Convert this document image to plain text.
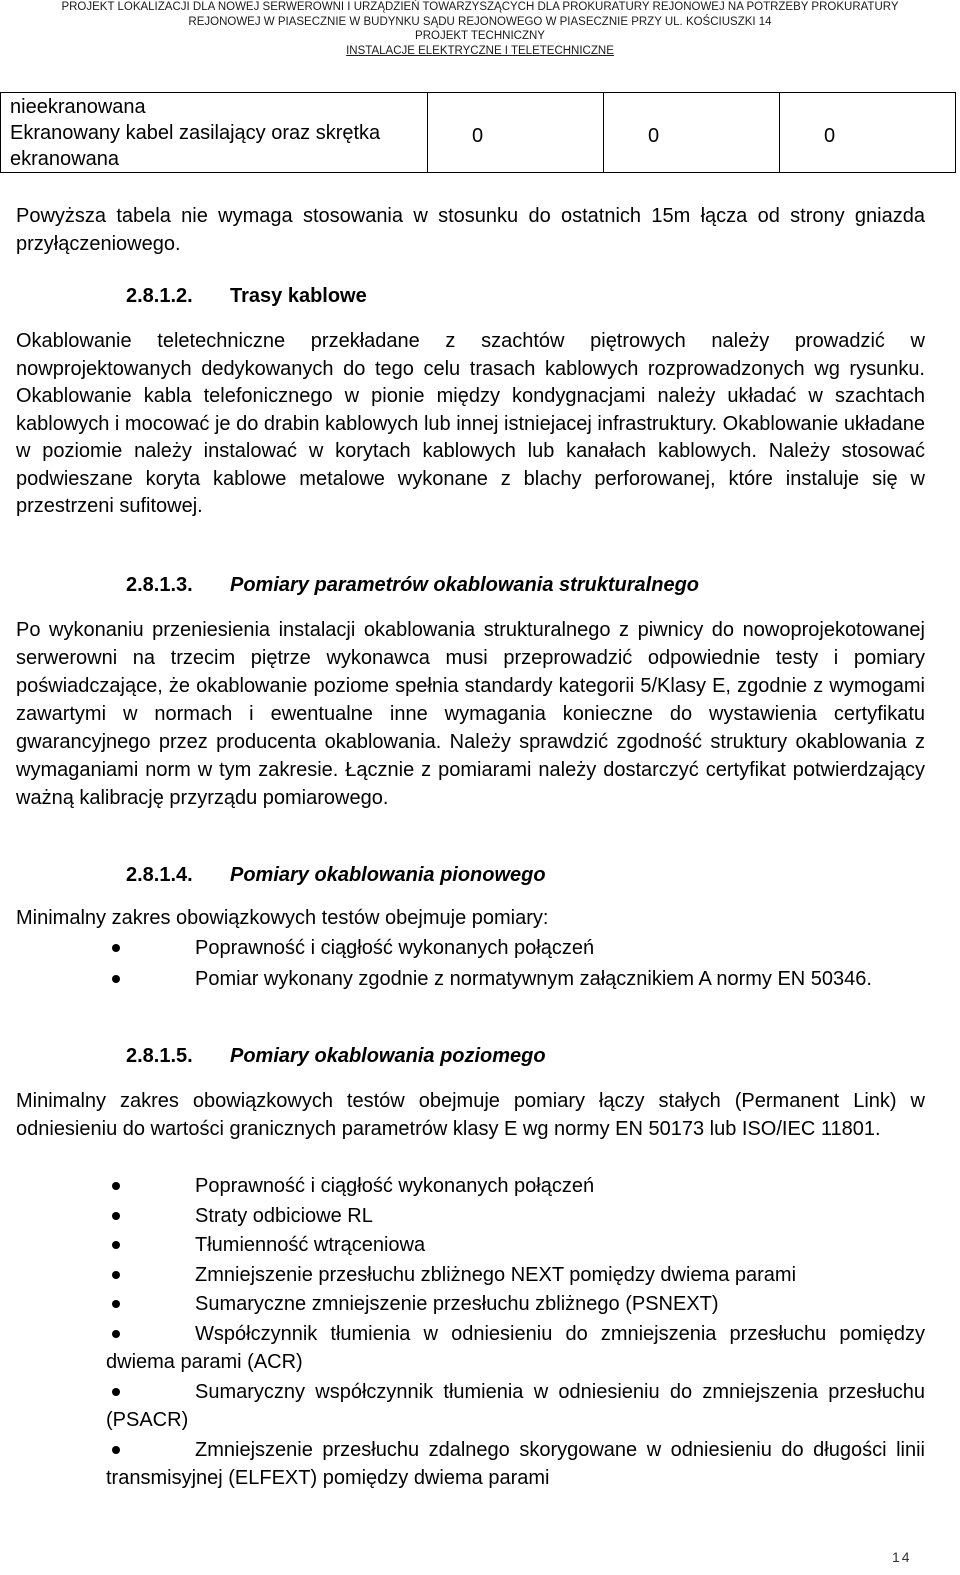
PROJEKT LOKALIZACJI DLA NOWEJ SERWEROWNI I URZĄDZIEŃ TOWARZYSZĄCYCH DLA PROKURATURY REJONOWEJ NA POTRZEBY PROKURATURY
REJONOWEJ W PIASECZNIE W BUDYNKU SĄDU REJONOWEGO W PIASECZNIE PRZY UL. KOŚCIUSZKI 14
PROJEKT TECHNICZNY
INSTALACJE ELEKTRYCZNE I TELETECHNICZNE
nieekranowana
Ekranowany kabel zasilający oraz skrętka
ekranowana
	0	0	0

Powyższa tabela nie wymaga stosowania w stosunku do ostatnich 15m łącza od strony gniazda przyłączeniowego.

2.8.1.2. Trasy kablowe

Okablowanie teletechniczne przekładane z szachtów piętrowych należy prowadzić w nowprojektowanych dedykowanych do tego celu trasach kablowych rozprowadzonych wg rysunku. Okablowanie kabla telefonicznego w pionie między kondygnacjami należy układać w szachtach kablowych i mocować je do drabin kablowych lub innej istniejacej infrastruktury. Okablowanie układane w poziomie należy instalować w korytach kablowych lub kanałach kablowych. Należy stosować podwieszane koryta kablowe metalowe wykonane z blachy perforowanej, które instaluje się w przestrzeni sufitowej.

2.8.1.3. Pomiary parametrów okablowania strukturalnego

Po wykonaniu przeniesienia instalacji okablowania strukturalnego z piwnicy do nowoprojekotowanej serwerowni na trzecim piętrze wykonawca musi przeprowadzić odpowiednie testy i pomiary poświadczające, że okablowanie poziome spełnia standardy kategorii 5/Klasy E, zgodnie z wymogami zawartymi w normach i ewentualne inne wymagania konieczne do wystawienia certyfikatu gwarancyjnego przez producenta okablowania. Należy sprawdzić zgodność struktury okablowania z wymaganiami norm w tym zakresie. Łącznie z pomiarami należy dostarczyć certyfikat potwierdzający ważną kalibrację przyrządu pomiarowego.

2.8.1.4. Pomiary okablowania pionowego

Minimalny zakres obowiązkowych testów obejmuje pomiary:

Poprawność i ciągłość wykonanych połączeń
Pomiar wykonany zgodnie z normatywnym załącznikiem A normy EN 50346.
2.8.1.5. Pomiary okablowania poziomego

Minimalny zakres obowiązkowych testów obejmuje pomiary łączy stałych (Permanent Link) w odniesieniu do wartości granicznych parametrów klasy E wg normy EN 50173 lub ISO/IEC 11801.

Poprawność i ciągłość wykonanych połączeń
Straty odbiciowe RL
Tłumienność wtrąceniowa
Zmniejszenie przesłuchu zbliżnego NEXT pomiędzy dwiema parami
Sumaryczne zmniejszenie przesłuchu zbliżnego (PSNEXT)
Współczynnik tłumienia w odniesieniu do zmniejszenia przesłuchu pomiędzy dwiema parami (ACR)
Sumaryczny współczynnik tłumienia w odniesieniu do zmniejszenia przesłuchu (PSACR)
Zmniejszenie przesłuchu zdalnego skorygowane w odniesieniu do długości linii transmisyjnej (ELFEXT) pomiędzy dwiema parami
14
